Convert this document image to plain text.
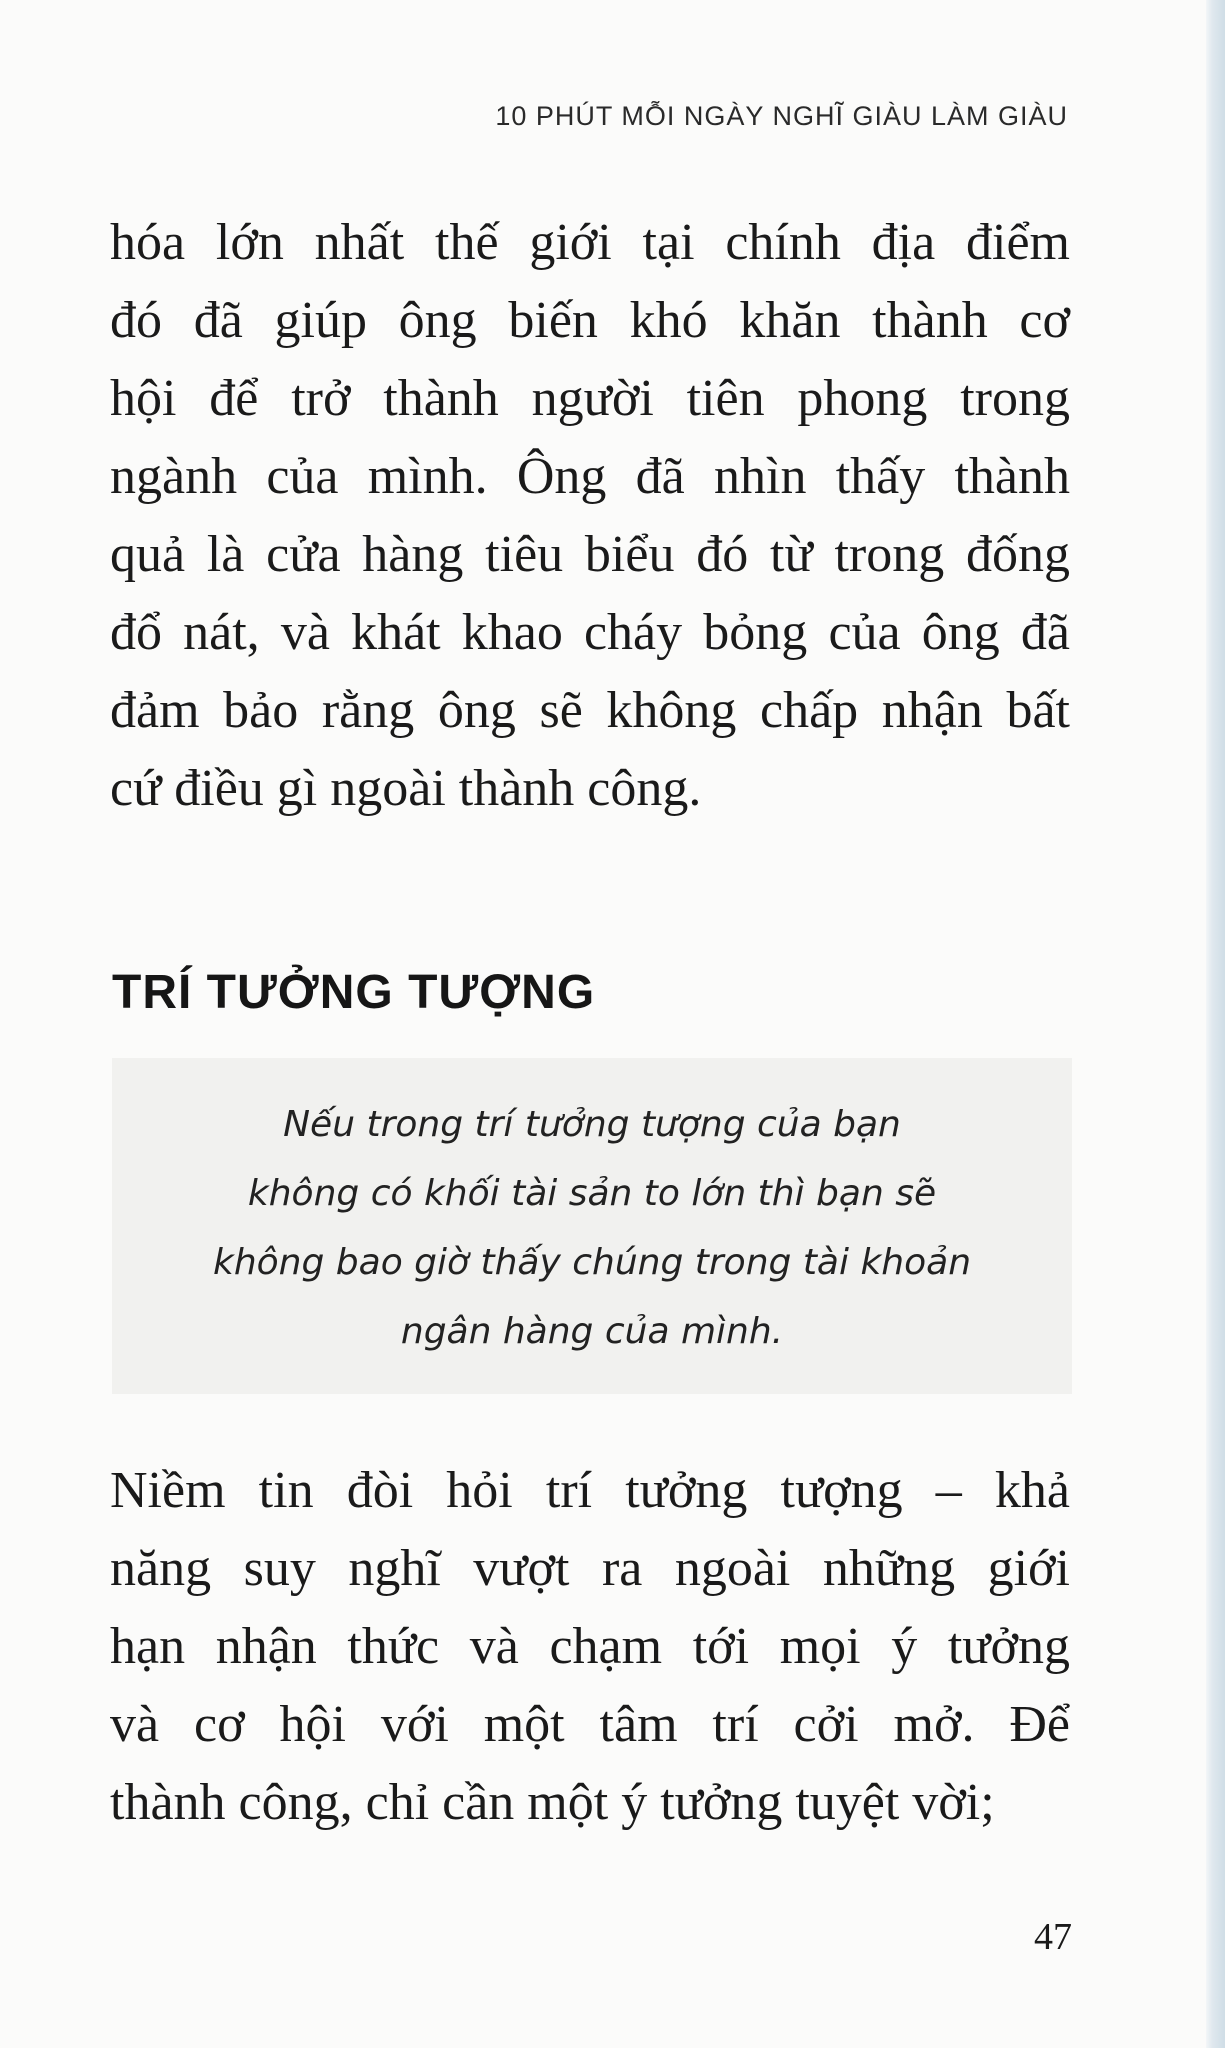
10 PHÚT MỖI NGÀY NGHĨ GIÀU LÀM GIÀU

hóa lớn nhất thế giới tại chính địa điểm
đó đã giúp ông biến khó khăn thành cơ
hội để trở thành người tiên phong trong
ngành của mình. Ông đã nhìn thấy thành
quả là cửa hàng tiêu biểu đó từ trong đống
đổ nát, và khát khao cháy bỏng của ông đã
đảm bảo rằng ông sẽ không chấp nhận bất
cứ điều gì ngoài thành công.

TRÍ TƯỞNG TƯỢNG

Nếu trong trí tưởng tượng của bạn
không có khối tài sản to lớn thì bạn sẽ
không bao giờ thấy chúng trong tài khoản
ngân hàng của mình.

Niềm tin đòi hỏi trí tưởng tượng – khả
năng suy nghĩ vượt ra ngoài những giới
hạn nhận thức và chạm tới mọi ý tưởng
và cơ hội với một tâm trí cởi mở. Để
thành công, chỉ cần một ý tưởng tuyệt vời;

47
